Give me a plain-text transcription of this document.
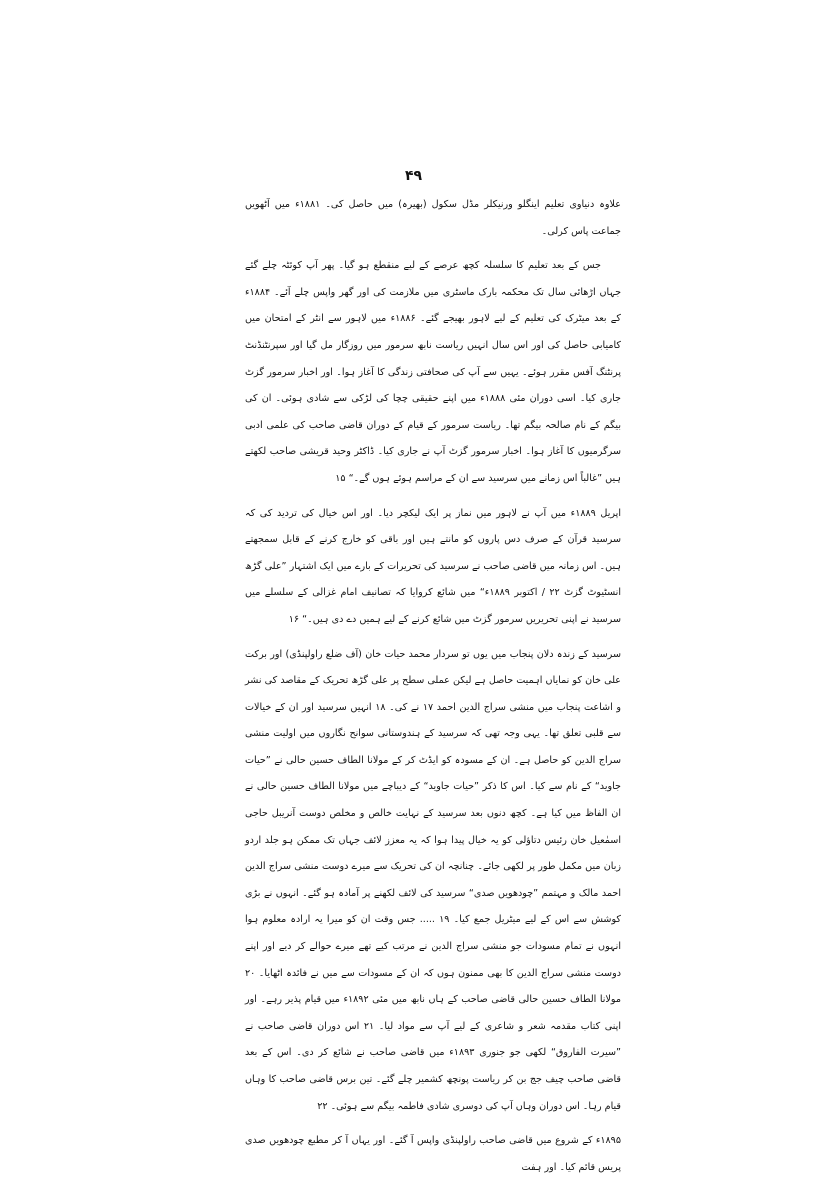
۴۹

علاوہ دنیاوی تعلیم اینگلو ورنیکلر مڈل سکول (بھیرہ) میں حاصل کی۔ ۱۸۸۱ء میں آٹھویں جماعت پاس کرلی۔

جس کے بعد تعلیم کا سلسلہ کچھ عرصے کے لیے منقطع ہو گیا۔ پھر آپ کوئٹہ چلے گئے جہاں اڑھائی سال تک محکمہ بارک ماسٹری میں ملازمت کی اور گھر واپس چلے آئے۔ ۱۸۸۴ء کے بعد میٹرک کی تعلیم کے لیے لاہور بھیجے گئے۔ ۱۸۸۶ء میں لاہور سے انٹر کے امتحان میں کامیابی حاصل کی اور اس سال انہیں ریاست نابھ سرمور میں روزگار مل گیا اور سپرنٹنڈنٹ پرنٹنگ آفس مقرر ہوئے۔ یہیں سے آپ کی صحافتی زندگی کا آغاز ہوا۔ اور اخبار سرمور گزٹ جاری کیا۔ اسی دوران مئی ۱۸۸۸ء میں اپنے حقیقی چچا کی لڑکی سے شادی ہوئی۔ ان کی بیگم کے نام صالحہ بیگم تھا۔ ریاست سرمور کے قیام کے دوران قاضی صاحب کی علمی ادبی سرگرمیوں کا آغاز ہوا۔ اخبار سرمور گزٹ آپ نے جاری کیا۔ ڈاکٹر وحید قریشی صاحب لکھتے ہیں ”غالباً اس زمانے میں سرسید سے ان کے مراسم ہوئے ہوں گے۔“ ۱۵

اپریل ۱۸۸۹ء میں آپ نے لاہور میں نماز پر ایک لیکچر دیا۔ اور اس خیال کی تردید کی کہ سرسید قرآن کے صرف دس پاروں کو مانتے ہیں اور باقی کو خارج کرنے کے قابل سمجھتے ہیں۔ اس زمانہ میں قاضی صاحب نے سرسید کی تحریرات کے بارے میں ایک اشتہار ”علی گڑھ انسٹیوٹ گزٹ ۲۲ / اکتوبر ۱۸۸۹ء“ میں شائع کروایا کہ تصانیف امام غزالی کے سلسلے میں سرسید نے اپنی تحریریں سرمور گزٹ میں شائع کرنے کے لیے ہمیں دے دی ہیں۔“ ۱۶

سرسید کے زندہ دلان پنجاب میں یوں تو سردار محمد حیات خان (آف ضلع راولپنڈی) اور برکت علی خان کو نمایاں اہمیت حاصل ہے لیکن عملی سطح پر علی گڑھ تحریک کے مقاصد کی نشر و اشاعت پنجاب میں منشی سراج الدین احمد ۱۷ نے کی۔ ۱۸ انہیں سرسید اور ان کے خیالات سے قلبی تعلق تھا۔ یہی وجہ تھی کہ سرسید کے ہندوستانی سوانح نگاروں میں اولیت منشی سراج الدین کو حاصل ہے۔ ان کے مسودہ کو ایڈٹ کر کے مولانا الطاف حسین حالی نے ”حیات جاوید“ کے نام سے کیا۔ اس کا ذکر ”حیات جاوید“ کے دیباچے میں مولانا الطاف حسین حالی نے ان الفاظ میں کیا ہے۔ کچھ دنوں بعد سرسید کے نہایت خالص و مخلص دوست آنریبل حاجی اسمٰعیل خان رئیس دتاؤلی کو یہ خیال پیدا ہوا کہ یہ معزز لائف جہاں تک ممکن ہو جلد اردو زبان میں مکمل طور پر لکھی جائے۔ چنانچہ ان کی تحریک سے میرے دوست منشی سراج الدین احمد مالک و مہتمم ”چودھویں صدی“ سرسید کی لائف لکھنے پر آمادہ ہو گئے۔ انہوں نے بڑی کوشش سے اس کے لیے میٹریل جمع کیا۔ ۱۹ ..... جس وقت ان کو میرا یہ ارادہ معلوم ہوا انہوں نے تمام مسودات جو منشی سراج الدین نے مرتب کیے تھے میرے حوالے کر دیے اور اپنے دوست منشی سراج الدین کا بھی ممنون ہوں کہ ان کے مسودات سے میں نے فائدہ اٹھایا۔ ۲۰ مولانا الطاف حسین حالی قاضی صاحب کے ہاں نابھ میں مئی ۱۸۹۲ء میں قیام پذیر رہے۔ اور اپنی کتاب مقدمہ شعر و شاعری کے لیے آپ سے مواد لیا۔ ۲۱ اس دوران قاضی صاحب نے ”سیرت الفاروق“ لکھی جو جنوری ۱۸۹۳ء میں قاضی صاحب نے شائع کر دی۔ اس کے بعد قاضی صاحب چیف جج بن کر ریاست پونچھ کشمیر چلے گئے۔ تین برس قاضی صاحب کا وہاں قیام رہا۔ اس دوران وہاں آپ کی دوسری شادی فاطمہ بیگم سے ہوئی۔ ۲۲

۱۸۹۵ء کے شروع میں قاضی صاحب راولپنڈی واپس آ گئے۔ اور یہاں آ کر مطبع چودھویں صدی پریس قائم کیا۔ اور ہفت
